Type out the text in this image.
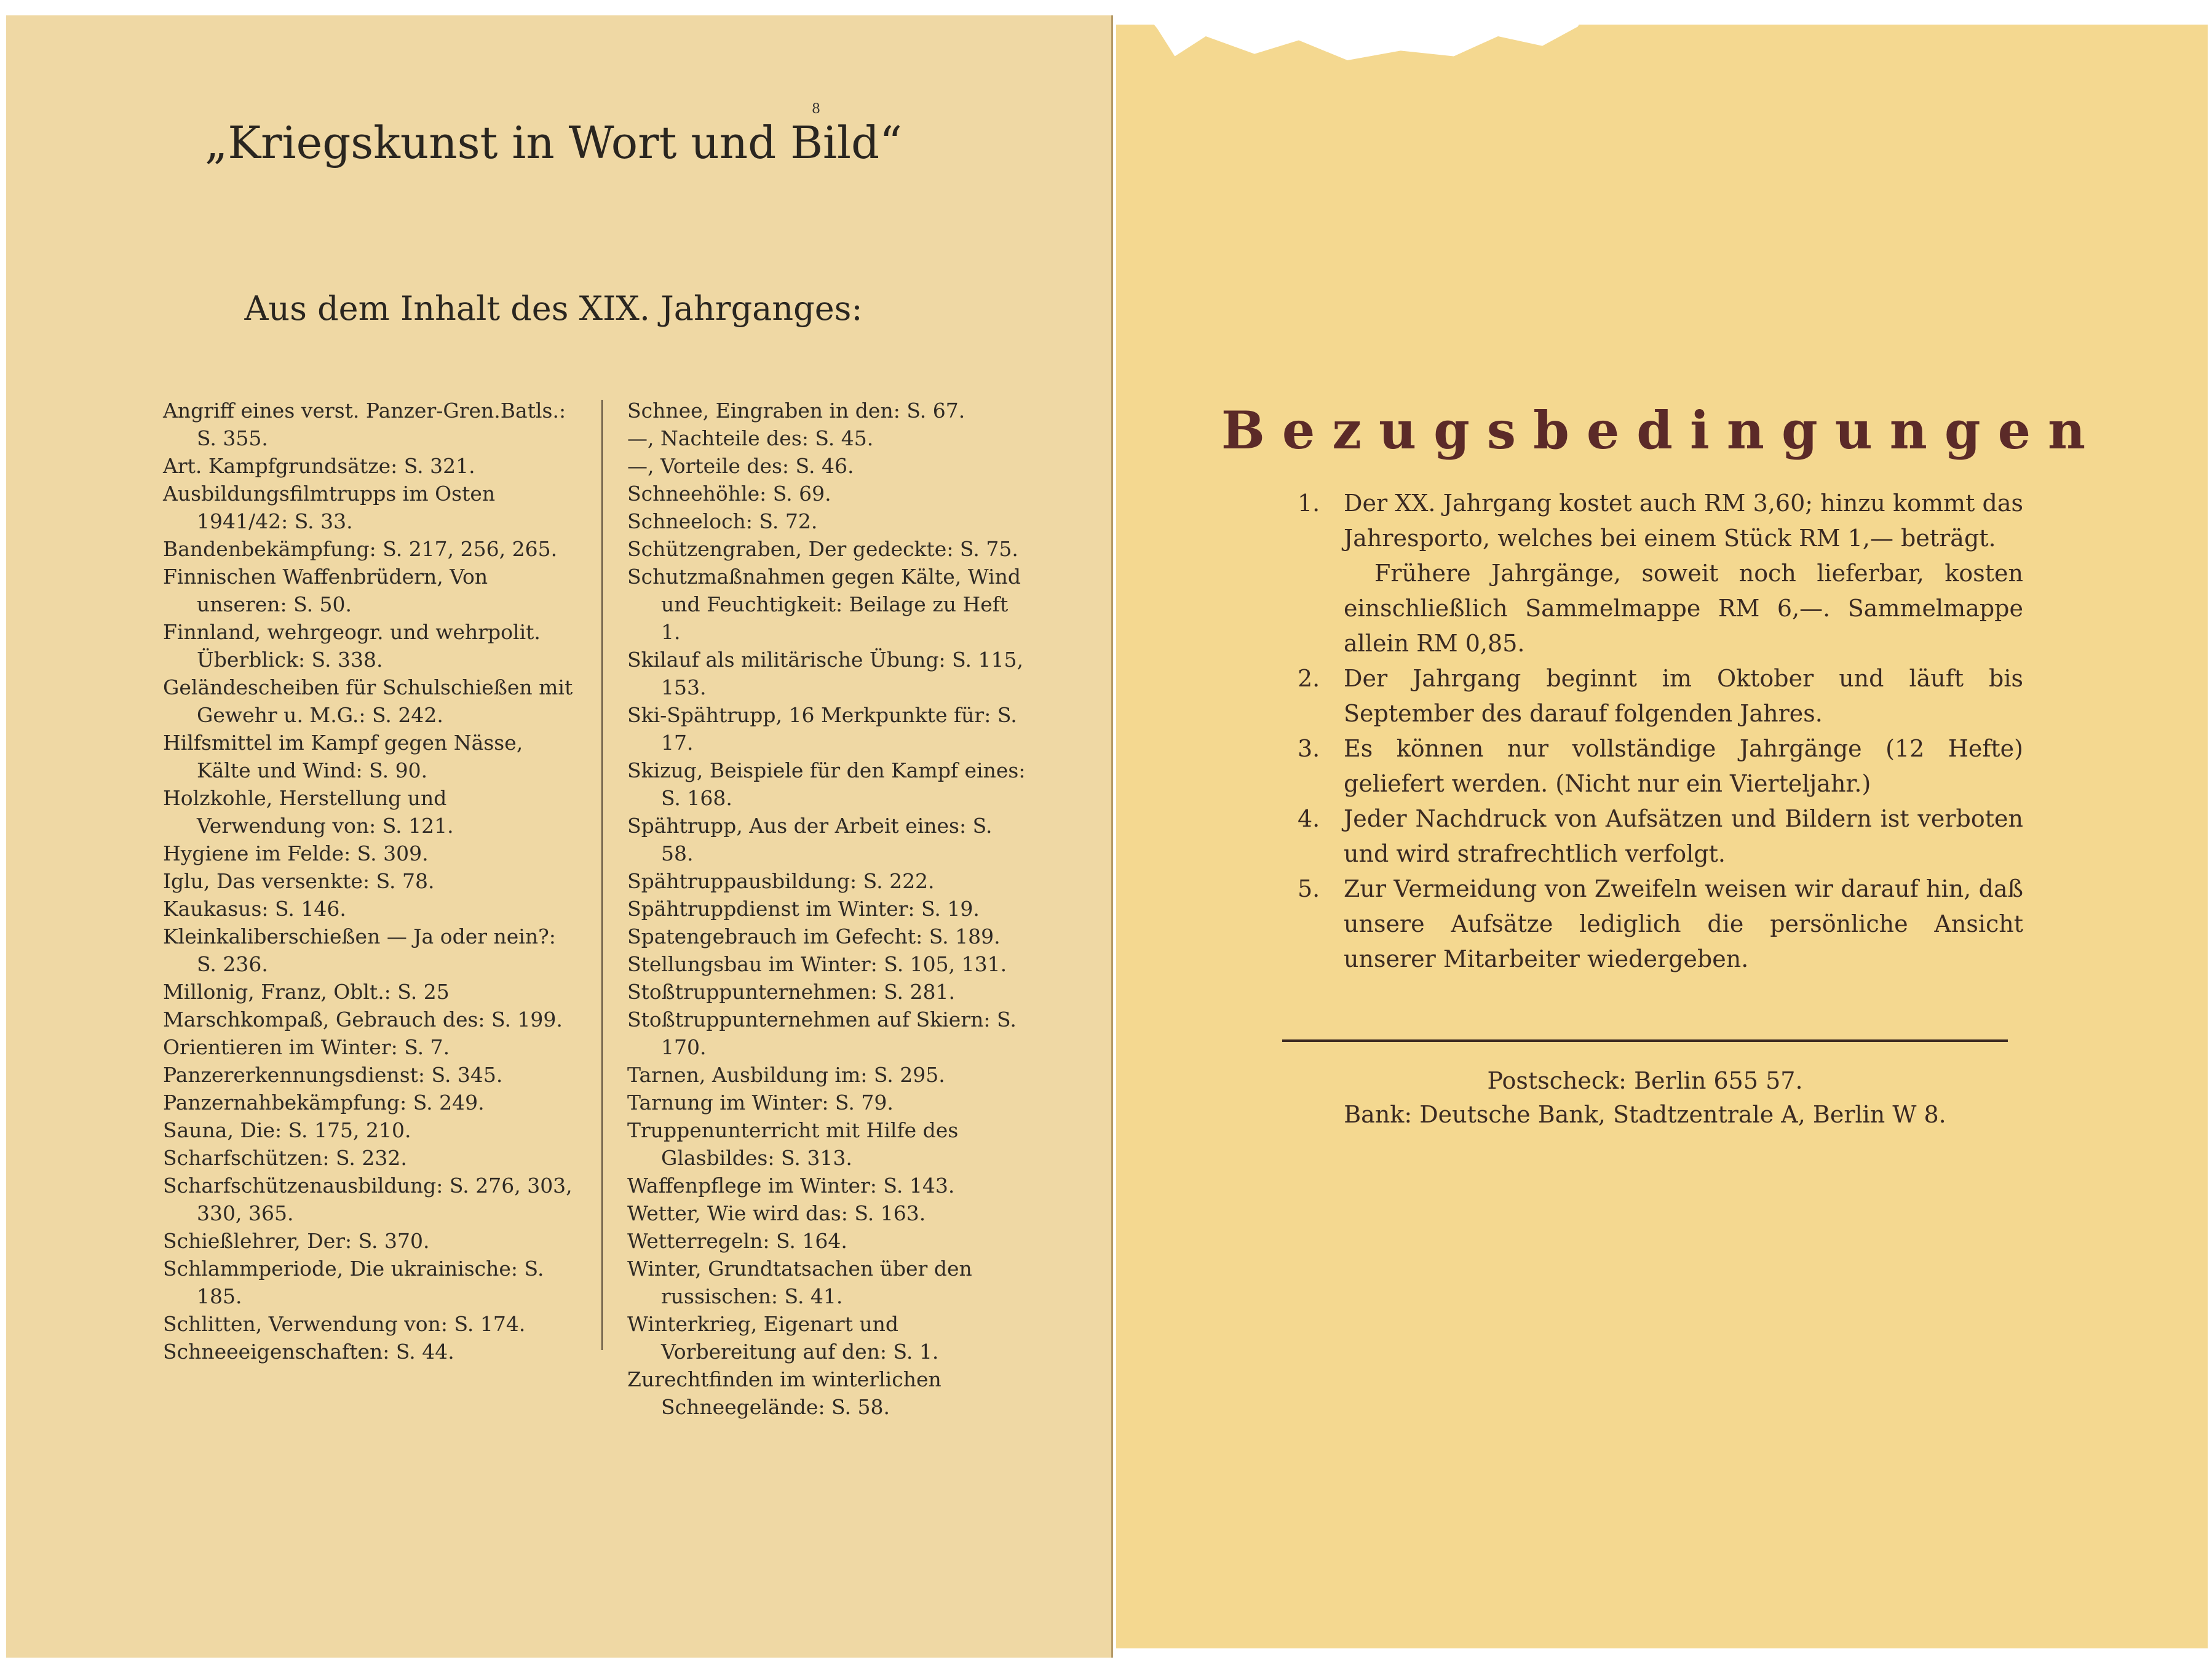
8
„Kriegskunst in Wort und Bild“
Aus dem Inhalt des XIX. Jahrganges:
Angriff eines verst. Panzer-Gren.Batls.: S. 355.
Art. Kampfgrundsätze: S. 321.
Ausbildungsfilmtrupps im Osten 1941/42: S. 33.
Bandenbekämpfung: S. 217, 256, 265.
Finnischen Waffenbrüdern, Von unseren: S. 50.
Finnland, wehrgeogr. und wehrpolit. Überblick: S. 338.
Geländescheiben für Schulschießen mit Gewehr u. M.G.: S. 242.
Hilfsmittel im Kampf gegen Nässe, Kälte und Wind: S. 90.
Holzkohle, Herstellung und Verwendung von: S. 121.
Hygiene im Felde: S. 309.
Iglu, Das versenkte: S. 78.
Kaukasus: S. 146.
Kleinkaliberschießen — Ja oder nein?: S. 236.
Millonig, Franz, Oblt.: S. 25
Marschkompaß, Gebrauch des: S. 199.
Orientieren im Winter: S. 7.
Panzererkennungsdienst: S. 345.
Panzernahbekämpfung: S. 249.
Sauna, Die: S. 175, 210.
Scharfschützen: S. 232.
Scharfschützenausbildung: S. 276, 303, 330, 365.
Schießlehrer, Der: S. 370.
Schlammperiode, Die ukrainische: S. 185.
Schlitten, Verwendung von: S. 174.
Schneeeigenschaften: S. 44.
Schnee, Eingraben in den: S. 67.
—, Nachteile des: S. 45.
—, Vorteile des: S. 46.
Schneehöhle: S. 69.
Schneeloch: S. 72.
Schützengraben, Der gedeckte: S. 75.
Schutzmaßnahmen gegen Kälte, Wind und Feuchtigkeit: Beilage zu Heft 1.
Skilauf als militärische Übung: S. 115, 153.
Ski-Spähtrupp, 16 Merkpunkte für: S. 17.
Skizug, Beispiele für den Kampf eines: S. 168.
Spähtrupp, Aus der Arbeit eines: S. 58.
Spähtruppausbildung: S. 222.
Spähtruppdienst im Winter: S. 19.
Spatengebrauch im Gefecht: S. 189.
Stellungsbau im Winter: S. 105, 131.
Stoßtruppunternehmen: S. 281.
Stoßtruppunternehmen auf Skiern: S. 170.
Tarnen, Ausbildung im: S. 295.
Tarnung im Winter: S. 79.
Truppenunterricht mit Hilfe des Glasbildes: S. 313.
Waffenpflege im Winter: S. 143.
Wetter, Wie wird das: S. 163.
Wetterregeln: S. 164.
Winter, Grundtatsachen über den russischen: S. 41.
Winterkrieg, Eigenart und Vorbereitung auf den: S. 1.
Zurechtfinden im winterlichen Schneegelände: S. 58.
Bezugsbedingungen
1. Der XX. Jahrgang kostet auch RM 3,60; hinzu kommt das Jahresporto, welches bei einem Stück RM 1,— beträgt.
Frühere Jahrgänge, soweit noch lieferbar, kosten einschließlich Sammelmappe RM 6,—. Sammelmappe allein RM 0,85.
2. Der Jahrgang beginnt im Oktober und läuft bis September des darauf folgenden Jahres.
3. Es können nur vollständige Jahrgänge (12 Hefte) geliefert werden. (Nicht nur ein Vierteljahr.)
4. Jeder Nachdruck von Aufsätzen und Bildern ist verboten und wird strafrechtlich verfolgt.
5. Zur Vermeidung von Zweifeln weisen wir darauf hin, daß unsere Aufsätze lediglich die persönliche Ansicht unserer Mitarbeiter wiedergeben.
Postscheck: Berlin 655 57.
Bank: Deutsche Bank, Stadtzentrale A, Berlin W 8.
